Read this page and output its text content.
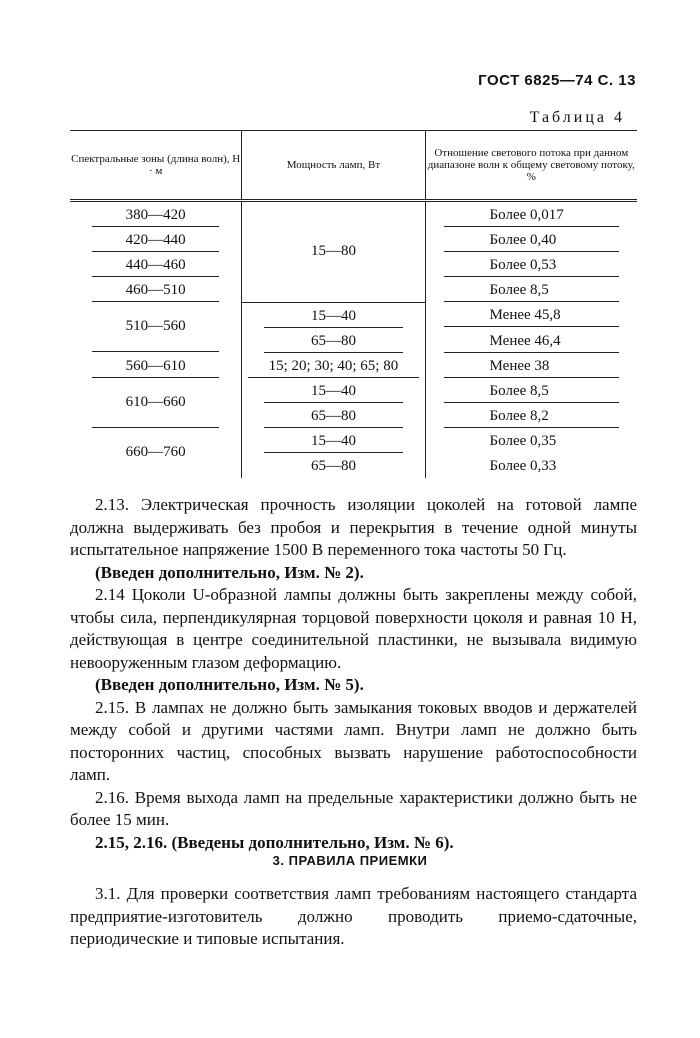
ГОСТ 6825—74 С. 13
Таблица 4
Спектральные зоны (длина волн), Н · м	Мощность ламп, Вт	Отношение светового потока при данном диапазоне волн к общему световому потоку, %

380—420	15—80	Более 0,017

420—440		Более 0,40

440—460		Более 0,53

460—510		Более 8,5

510—560	15—40	Менее 45,8

	65—80	Менее 46,4

560—610	15; 20; 30; 40; 65; 80	Менее 38

610—660	15—40	Более 8,5

	65—80	Более 8,2

660—760	15—40	Более 0,35

	65—80	Более 0,33

2.13. Электрическая прочность изоляции цоколей на готовой лампе должна выдерживать без пробоя и перекрытия в течение одной минуты испытательное напряжение 1500 В переменного тока частоты 50 Гц.

(Введен дополнительно, Изм. № 2).

2.14 Цоколи U-образной лампы должны быть закреплены между собой, чтобы сила, перпендикулярная торцовой поверхности цоколя и равная 10 Н, действующая в центре соединительной пластинки, не вызывала видимую невооруженным глазом деформацию.

(Введен дополнительно, Изм. № 5).

2.15. В лампах не должно быть замыкания токовых вводов и держателей между собой и другими частями ламп. Внутри ламп не должно быть посторонних частиц, способных вызвать нарушение работоспособности ламп.

2.16. Время выхода ламп на предельные характеристики должно быть не более 15 мин.

2.15, 2.16. (Введены дополнительно, Изм. № 6).

3. ПРАВИЛА ПРИЕМКИ

3.1. Для проверки соответствия ламп требованиям настоящего стандарта предприятие-изготовитель должно проводить приемо-сдаточные, периодические и типовые испытания.
